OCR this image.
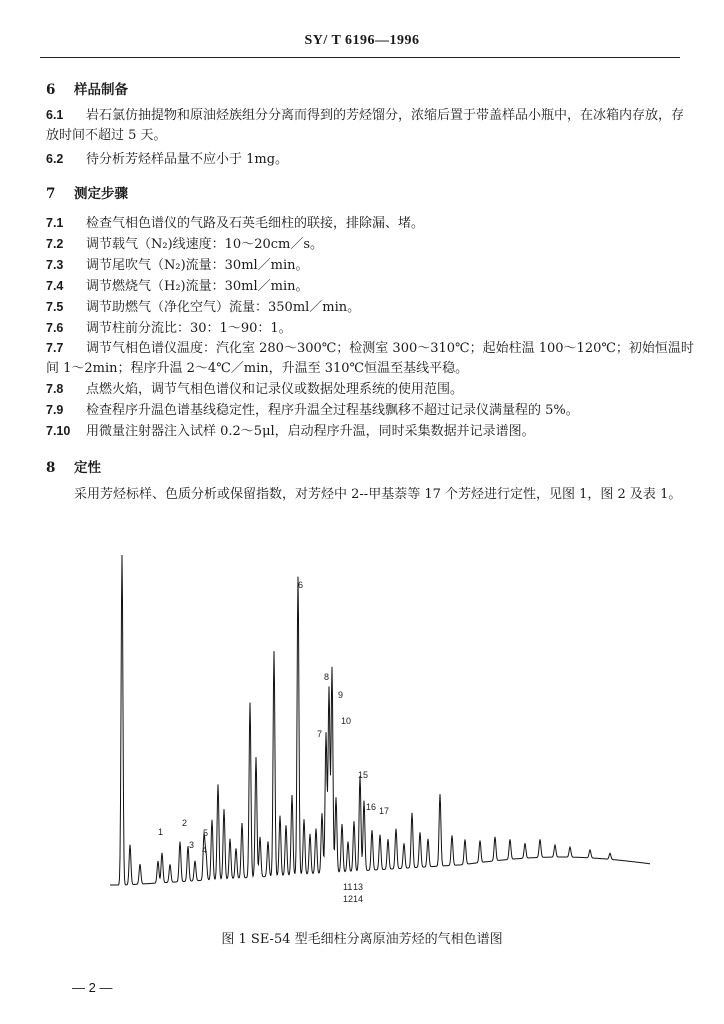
SY/ T 6196—1996
6 样品制备
6.1	岩石氯仿抽提物和原油烃族组分分离而得到的芳烃馏分，浓缩后置于带盖样品小瓶中，在冰箱内存放，存放时间不超过 5 天。
6.2 待分析芳烃样品量不应小于 1mg。
7 测定步骤
7.1 检查气相色谱仪的气路及石英毛细柱的联接，排除漏、堵。
7.2 调节载气（N₂)线速度：10～20cm／s。
7.3 调节尾吹气（N₂)流量：30ml／min。
7.4 调节燃烧气（H₂)流量：30ml／min。
7.5 调节助燃气（净化空气）流量：350ml／min。
7.6 调节柱前分流比：30：1～90：1。
7.7	调节气相色谱仪温度：汽化室 280～300℃；检测室 300～310℃；起始柱温 100～120℃；初始恒温时间 1～2min；程序升温 2～4℃／min，升温至 310℃恒温至基线平稳。
7.8 点燃火焰，调节气相色谱仪和记录仪或数据处理系统的使用范围。
7.9 检查程序升温色谱基线稳定性，程序升温全过程基线飘移不超过记录仪满量程的 5%。
7.10 用微量注射器注入试样 0.2～5μl，启动程序升温，同时采集数据并记录谱图。
8 定性
采用芳烃标样、色质分析或保留指数，对芳烃中 2--甲基萘等 17 个芳烃进行定性，见图 1，图 2 及表 1。
1
2
3 4
5
6
7
8
9
10
11
12
13
14
15
16 17
图 1 SE-54 型毛细柱分离原油芳烃的气相色谱图
— 2 —
